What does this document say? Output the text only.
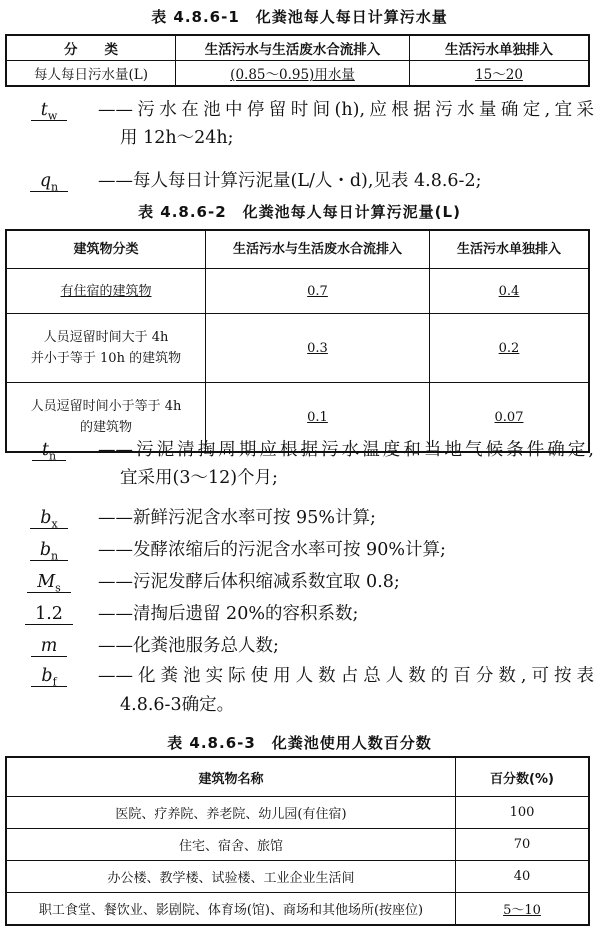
表 4.8.6-1　化粪池每人每日计算污水量
分　　类	生活污水与生活废水合流排入	生活污水单独排入
每人每日污水量(L)	(0.85～0.95)用水量	15～20
$t_w$	——污水在池中停留时间(h),应根据污水量确定,宜采
用 12h～24h;
$q_n$	——每人每日计算污泥量(L/人・d),见表 4.8.6-2;
表 4.8.6-2　化粪池每人每日计算污泥量(L)
建筑物分类	生活污水与生活废水合流排入	生活污水单独排入
有住宿的建筑物	0.7	0.4
人员逗留时间大于 4h
并小于等于 10h 的建筑物	0.3	0.2
人员逗留时间小于等于 4h
的建筑物	0.1	0.07
$t_n$	——污泥清掏周期应根据污水温度和当地气候条件确定,
宜采用(3～12)个月;
$b_x$	——新鲜污泥含水率可按 95%计算;
$b_n$	——发酵浓缩后的污泥含水率可按 90%计算;
$M_s$	——污泥发酵后体积缩减系数宜取 0.8;
1.2	——清掏后遗留 20%的容积系数;
m	——化粪池服务总人数;
$b_f$	——化粪池实际使用人数占总人数的百分数,可按表
4.8.6-3确定。
表 4.8.6-3　化粪池使用人数百分数
建筑物名称	百分数(%)
医院、疗养院、养老院、幼儿园(有住宿)	100
住宅、宿舍、旅馆	70
办公楼、教学楼、试验楼、工业企业生活间	40
职工食堂、餐饮业、影剧院、体育场(馆)、商场和其他场所(按座位)	5～10
